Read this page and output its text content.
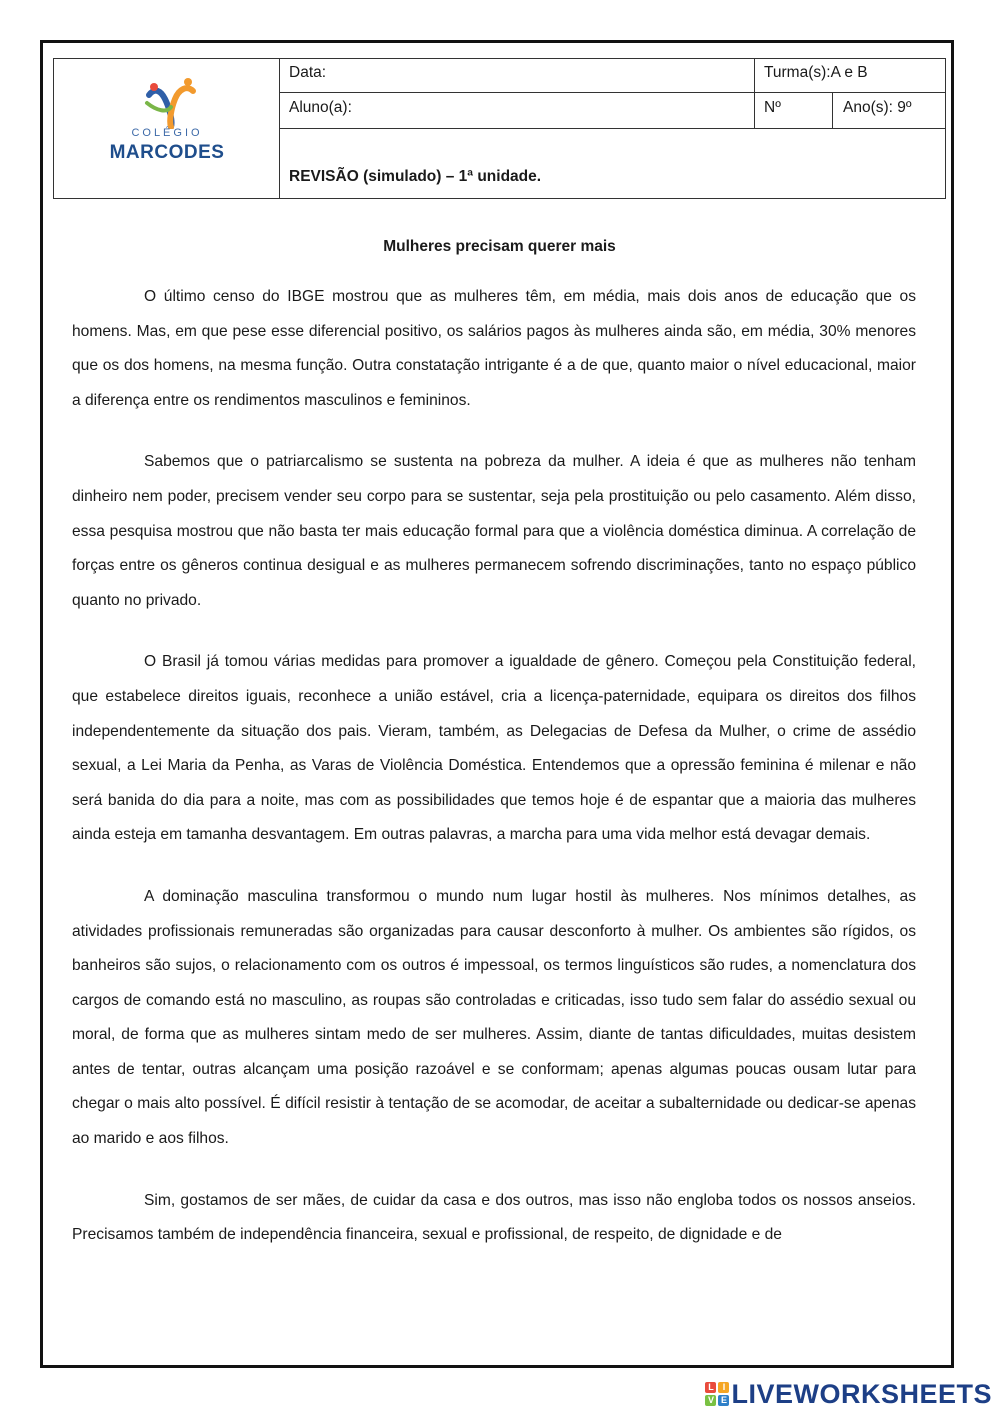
COLÉGIO
MARCODES
Data:	Turma(s):A e B
Aluno(a):	Nº	Ano(s): 9º
REVISÃO (simulado) – 1ª unidade.
Mulheres precisam querer mais

O último censo do IBGE mostrou que as mulheres têm, em média, mais dois anos de educação que os homens. Mas, em que pese esse diferencial positivo, os salários pagos às mulheres ainda são, em média, 30% menores que os dos homens, na mesma função. Outra constatação intrigante é a de que, quanto maior o nível educacional, maior a diferença entre os rendimentos masculinos e femininos.

Sabemos que o patriarcalismo se sustenta na pobreza da mulher. A ideia é que as mulheres não tenham dinheiro nem poder, precisem vender seu corpo para se sustentar, seja pela prostituição ou pelo casamento. Além disso, essa pesquisa mostrou que não basta ter mais educação formal para que a violência doméstica diminua. A correlação de forças entre os gêneros continua desigual e as mulheres permanecem sofrendo discriminações, tanto no espaço público quanto no privado.

O Brasil já tomou várias medidas para promover a igualdade de gênero. Começou pela Constituição federal, que estabelece direitos iguais, reconhece a união estável, cria a licença-paternidade, equipara os direitos dos filhos independentemente da situação dos pais. Vieram, também, as Delegacias de Defesa da Mulher, o crime de assédio sexual, a Lei Maria da Penha, as Varas de Violência Doméstica. Entendemos que a opressão feminina é milenar e não será banida do dia para a noite, mas com as possibilidades que temos hoje é de espantar que a maioria das mulheres ainda esteja em tamanha desvantagem. Em outras palavras, a marcha para uma vida melhor está devagar demais.

A dominação masculina transformou o mundo num lugar hostil às mulheres. Nos mínimos detalhes, as atividades profissionais remuneradas são organizadas para causar desconforto à mulher. Os ambientes são rígidos, os banheiros são sujos, o relacionamento com os outros é impessoal, os termos linguísticos são rudes, a nomenclatura dos cargos de comando está no masculino, as roupas são controladas e criticadas, isso tudo sem falar do assédio sexual ou moral, de forma que as mulheres sintam medo de ser mulheres. Assim, diante de tantas dificuldades, muitas desistem antes de tentar, outras alcançam uma posição razoável e se conformam; apenas algumas poucas ousam lutar para chegar o mais alto possível. É difícil resistir à tentação de se acomodar, de aceitar a subalternidade ou dedicar-se apenas ao marido e aos filhos.

Sim, gostamos de ser mães, de cuidar da casa e dos outros, mas isso não engloba todos os nossos anseios. Precisamos também de independência financeira, sexual e profissional, de respeito, de dignidade e de

L I
V E LIVEWORKSHEETS
